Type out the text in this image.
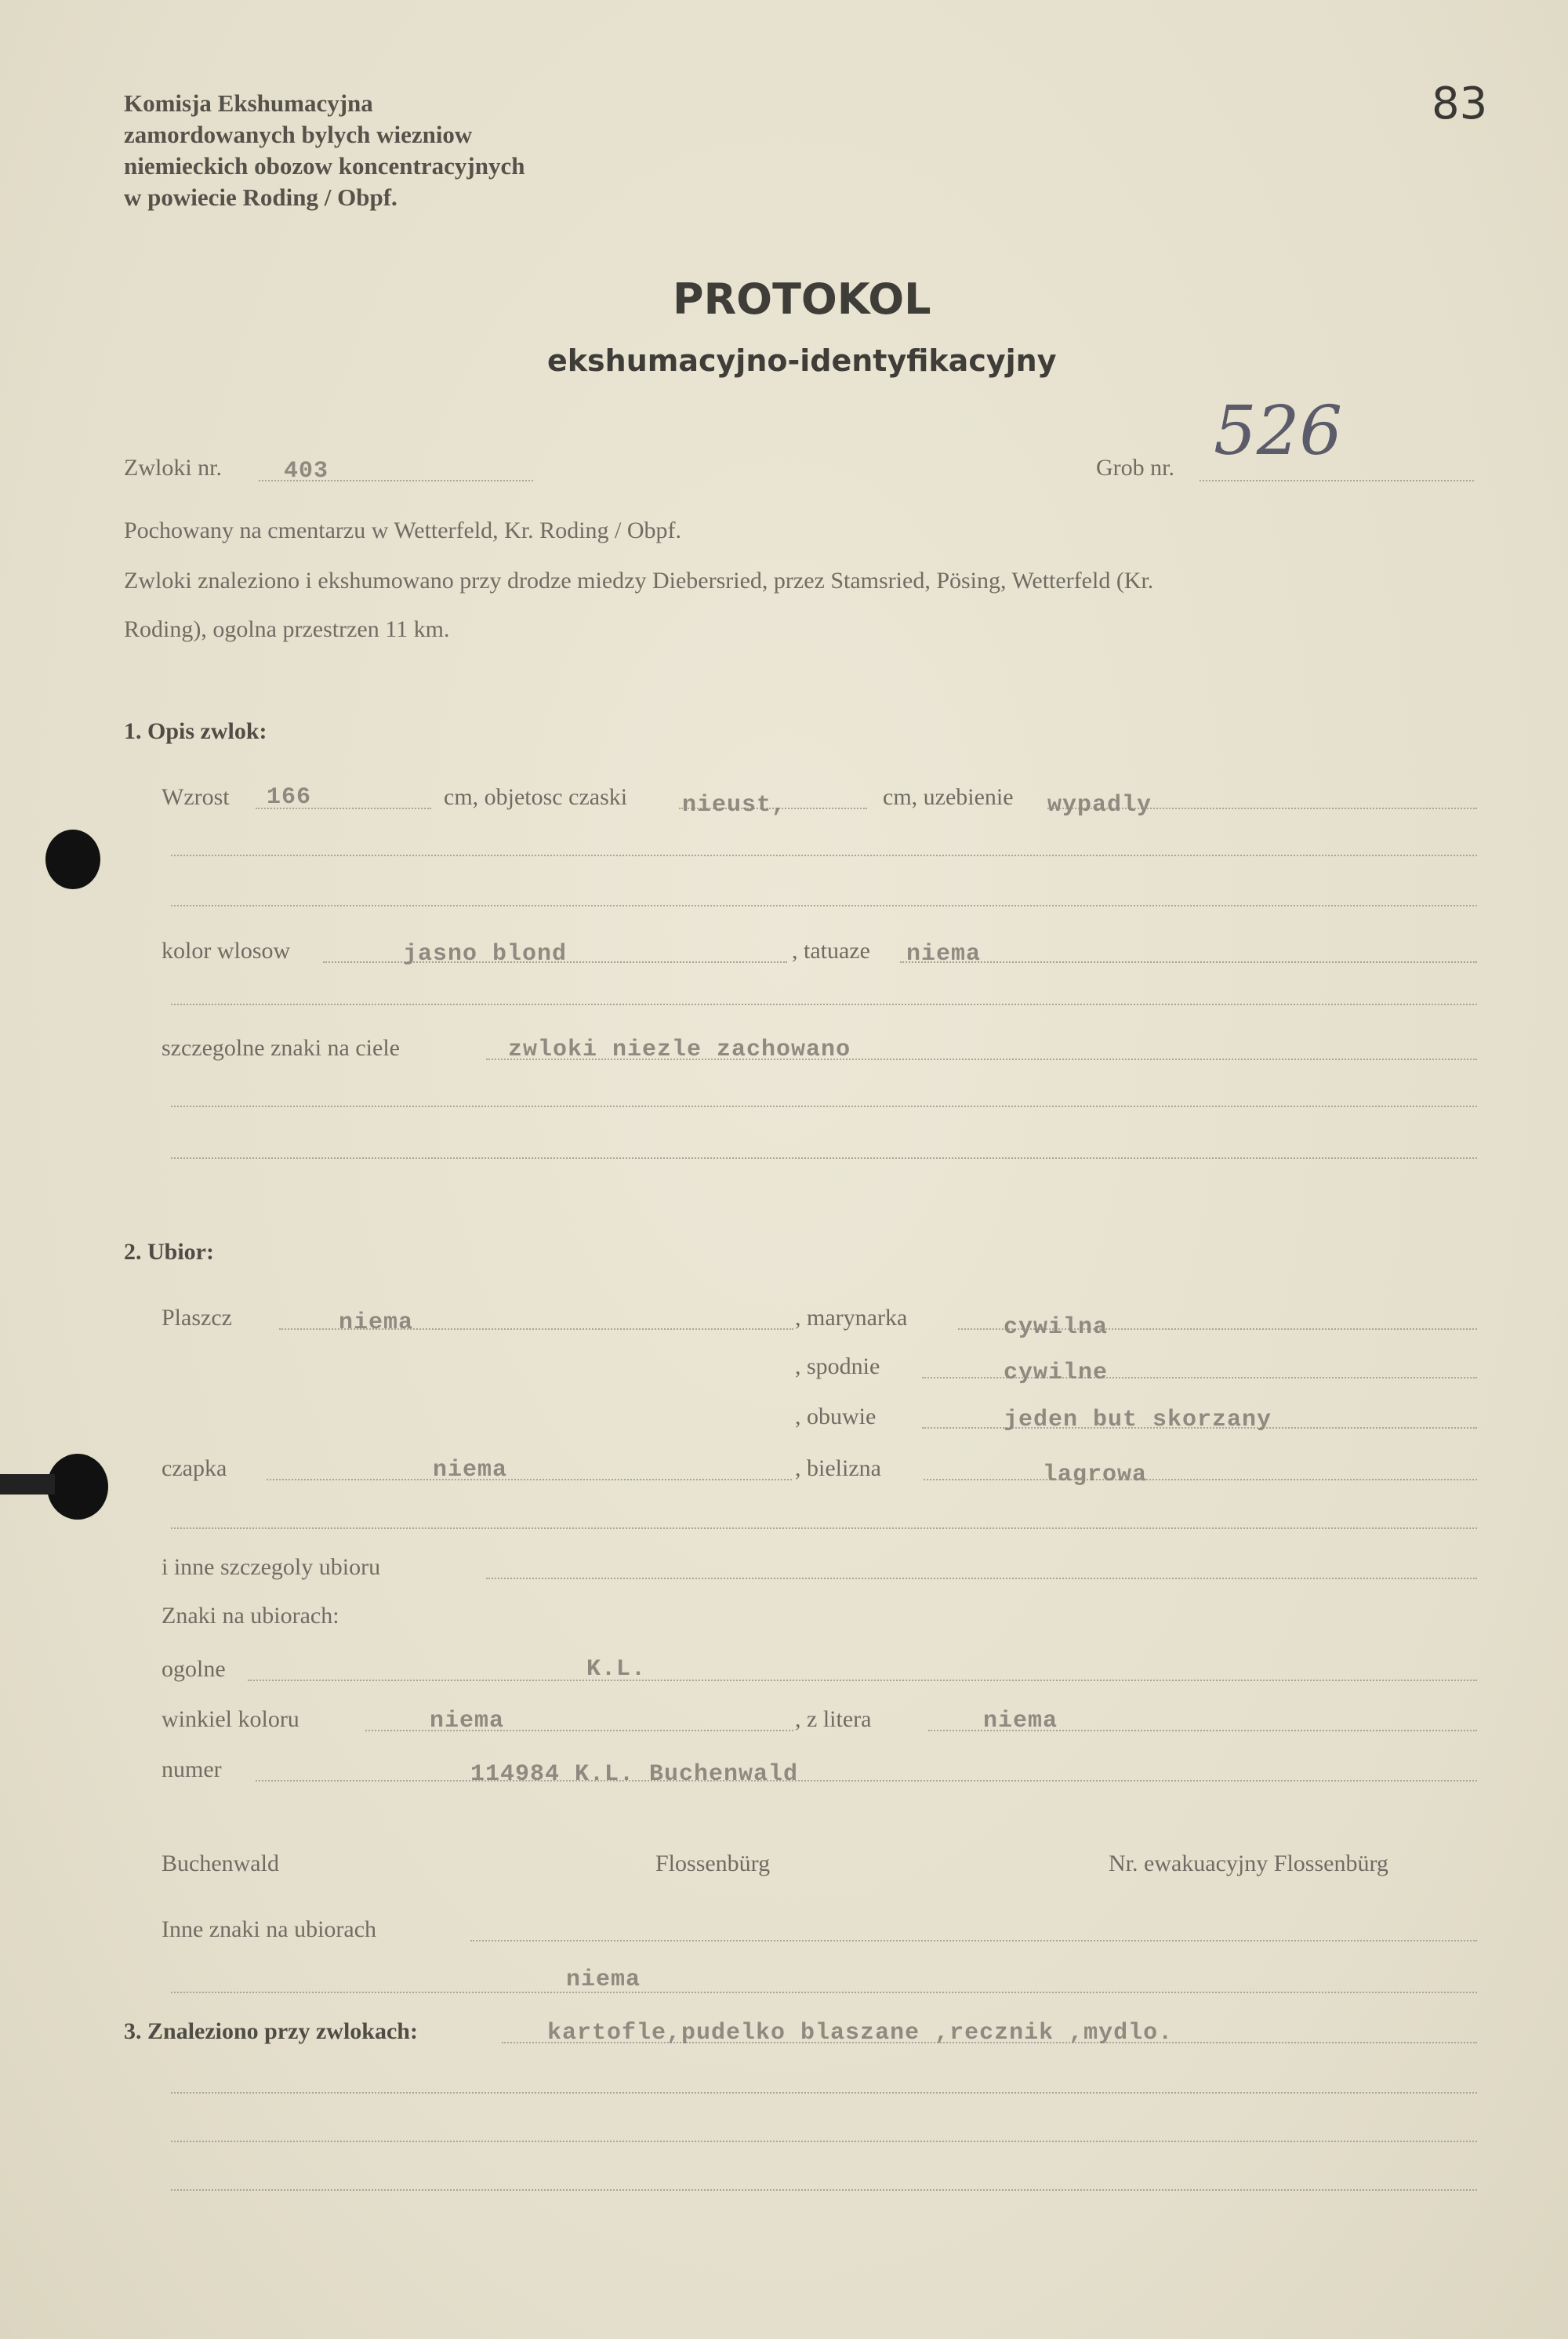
Komisja Ekshumacyjna
zamordowanych bylych wiezniow
niemieckich obozow koncentracyjnych
w powiecie Roding / Obpf.
83
PROTOKOL
ekshumacyjno-identyfikacyjny
Zwloki nr.	403	Grob nr. 526
Pochowany na cmentarzu w Wetterfeld, Kr. Roding / Obpf.
Zwloki znaleziono i ekshumowano przy drodze miedzy Diebersried, przez Stamsried, Pösing, Wetterfeld (Kr.
Roding), ogolna przestrzen 11 km.
1. Opis zwlok:
Wzrost 166	cm, objetosc czaski nieust,	cm, uzebienie wypadly
kolor wlosow	jasno blond	, tatuaze niema
szczegolne znaki na ciele	zwloki niezle zachowano
2. Ubior:
Plaszcz	niema	, marynarka	cywilna
, spodnie	cywilne
, obuwie	jeden but skorzany
czapka	niema	, bielizna	lagrowa
i inne szczegoly ubioru
Znaki na ubiorach:
ogolne	K.L.
winkiel koloru	niema	, z litera	niema
numer	114984 K.L. Buchenwald
Buchenwald	Flossenbürg	Nr. ewakuacyjny Flossenbürg
Inne znaki na ubiorach
niema
3. Znaleziono przy zwlokach:	kartofle,pudelko blaszane ,recznik ,mydlo.
